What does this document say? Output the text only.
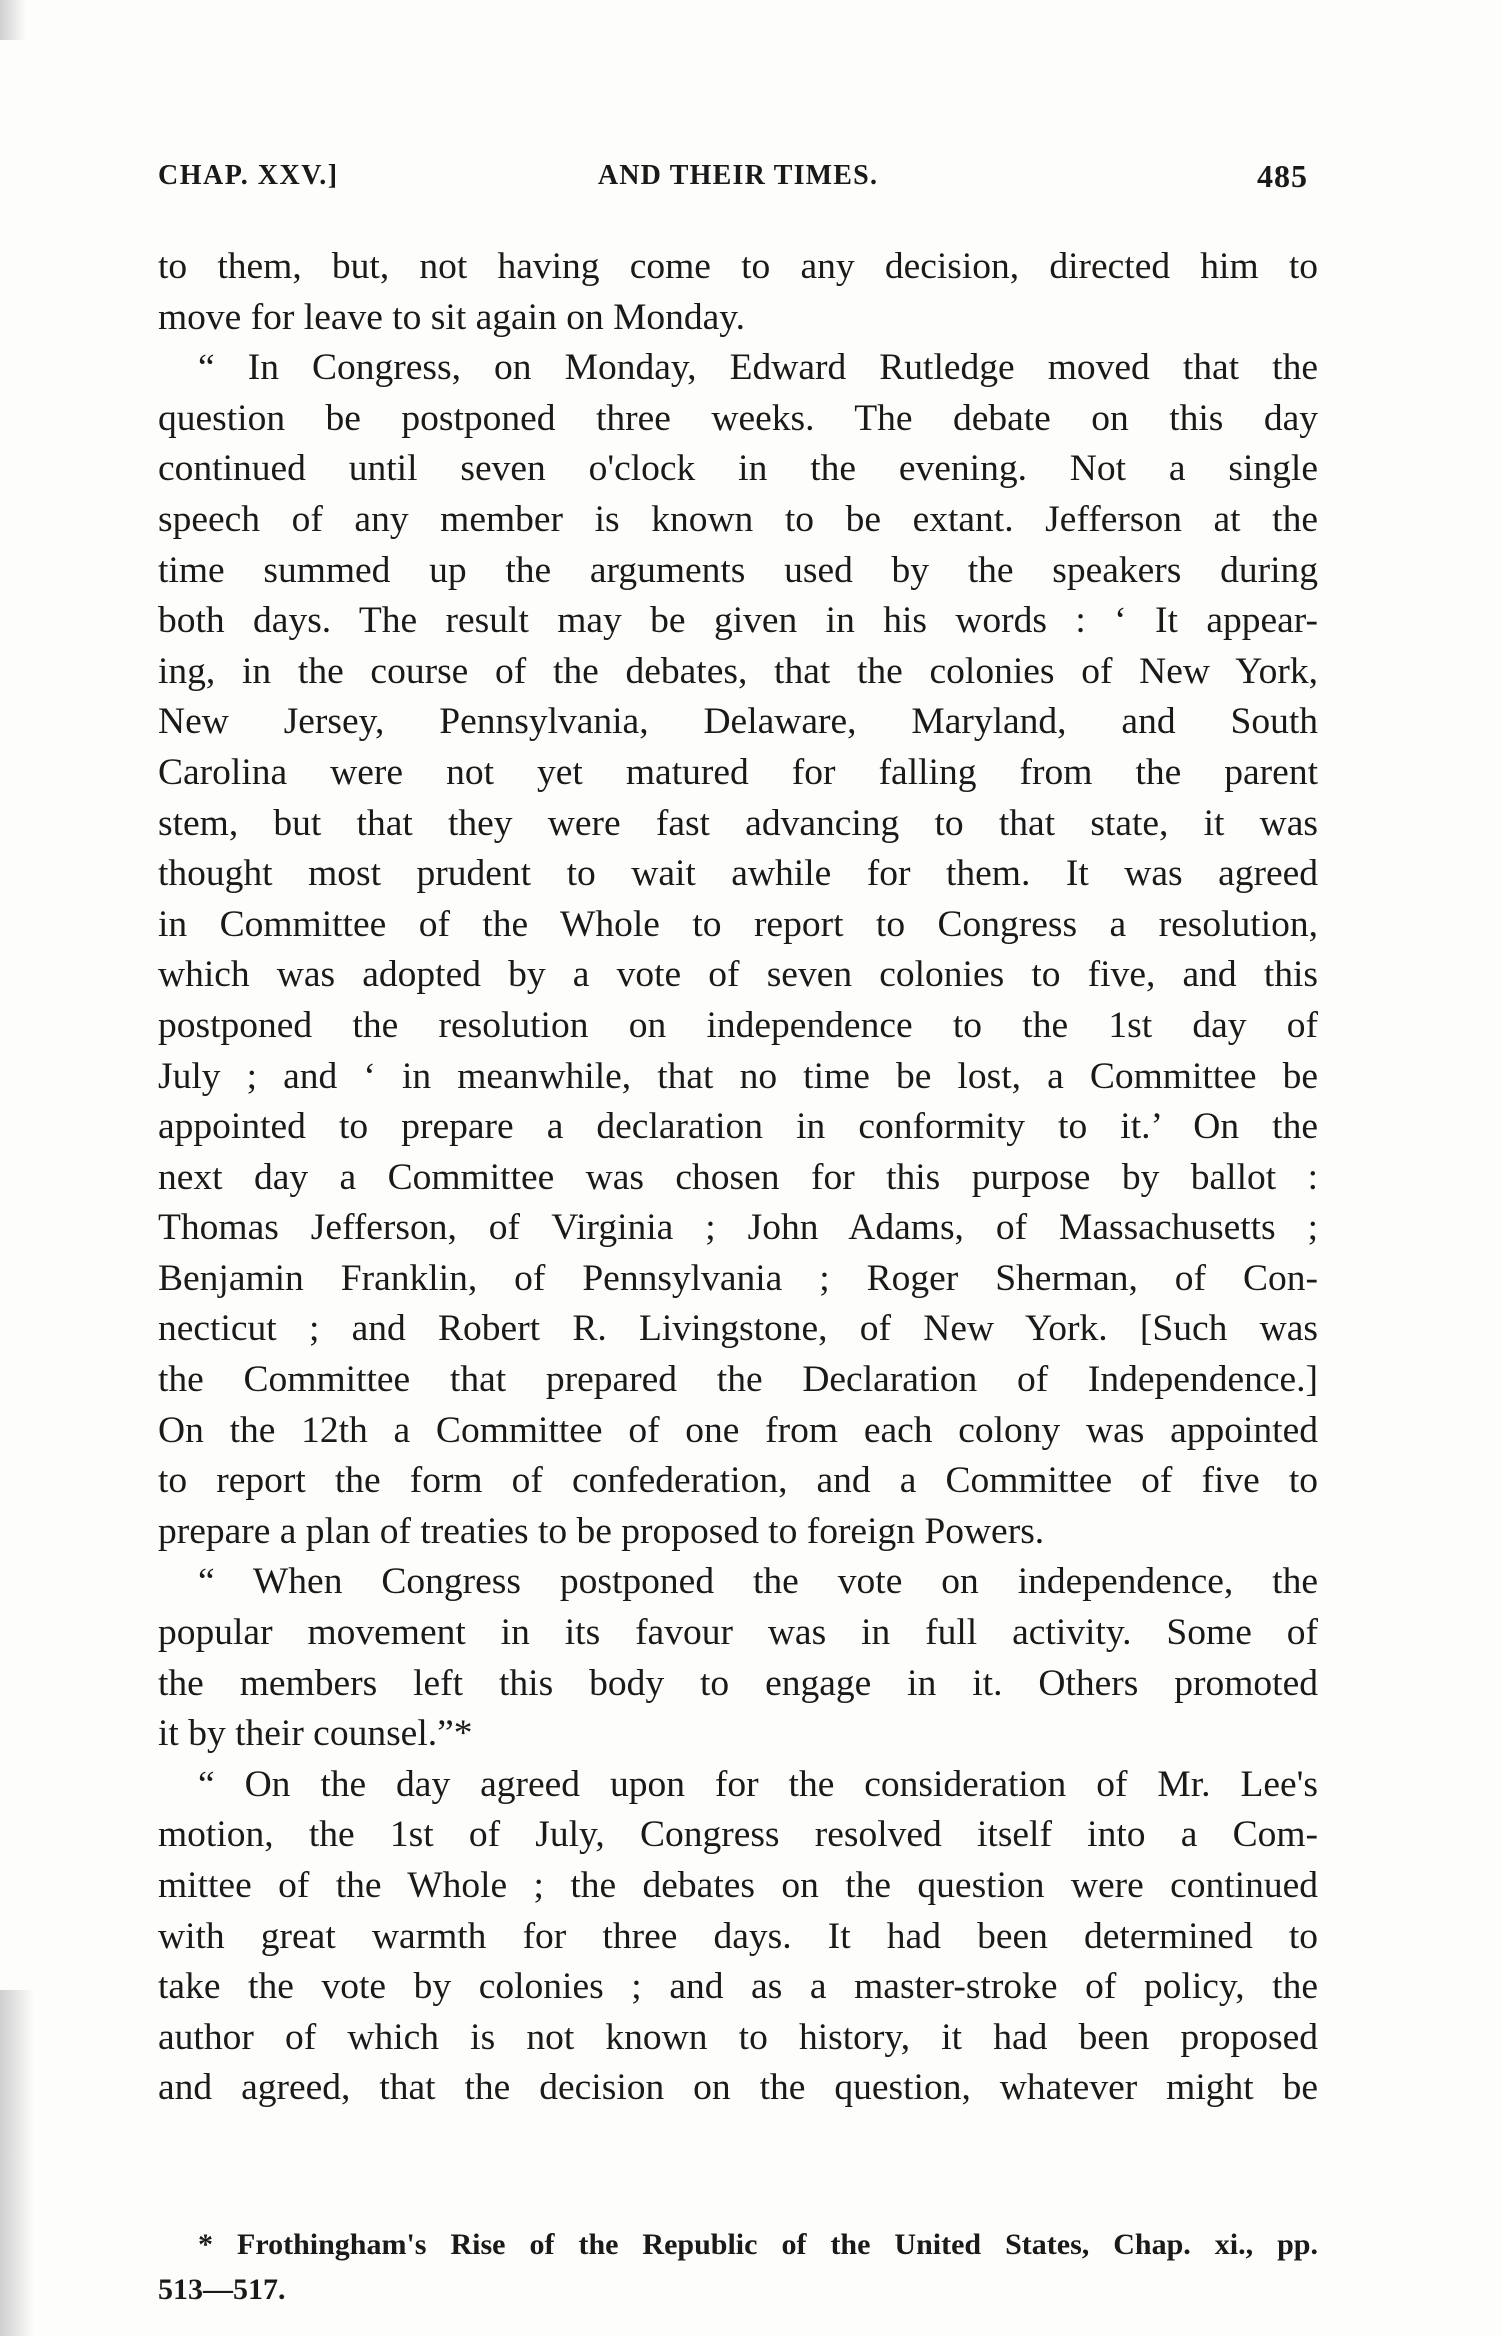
CHAP. XXV.]	AND THEIR TIMES.	485
to them, but, not having come to any decision, directed him to
move for leave to sit again on Monday.
“ In Congress, on Monday, Edward Rutledge moved that the
question be postponed three weeks. The debate on this day
continued until seven o'clock in the evening. Not a single
speech of any member is known to be extant. Jefferson at the
time summed up the arguments used by the speakers during
both days. The result may be given in his words : ‘ It appear-
ing, in the course of the debates, that the colonies of New York,
New Jersey, Pennsylvania, Delaware, Maryland, and South
Carolina were not yet matured for falling from the parent
stem, but that they were fast advancing to that state, it was
thought most prudent to wait awhile for them. It was agreed
in Committee of the Whole to report to Congress a resolution,
which was adopted by a vote of seven colonies to five, and this
postponed the resolution on independence to the 1st day of
July ; and ‘ in meanwhile, that no time be lost, a Committee be
appointed to prepare a declaration in conformity to it.’ On the
next day a Committee was chosen for this purpose by ballot :
Thomas Jefferson, of Virginia ; John Adams, of Massachusetts ;
Benjamin Franklin, of Pennsylvania ; Roger Sherman, of Con-
necticut ; and Robert R. Livingstone, of New York. [Such was
the Committee that prepared the Declaration of Independence.]
On the 12th a Committee of one from each colony was appointed
to report the form of confederation, and a Committee of five to
prepare a plan of treaties to be proposed to foreign Powers.
“ When Congress postponed the vote on independence, the
popular movement in its favour was in full activity. Some of
the members left this body to engage in it. Others promoted
it by their counsel.”*
“ On the day agreed upon for the consideration of Mr. Lee's
motion, the 1st of July, Congress resolved itself into a Com-
mittee of the Whole ; the debates on the question were continued
with great warmth for three days. It had been determined to
take the vote by colonies ; and as a master-stroke of policy, the
author of which is not known to history, it had been proposed
and agreed, that the decision on the question, whatever might be
* Frothingham's Rise of the Republic of the United States, Chap. xi., pp.
513—517.
